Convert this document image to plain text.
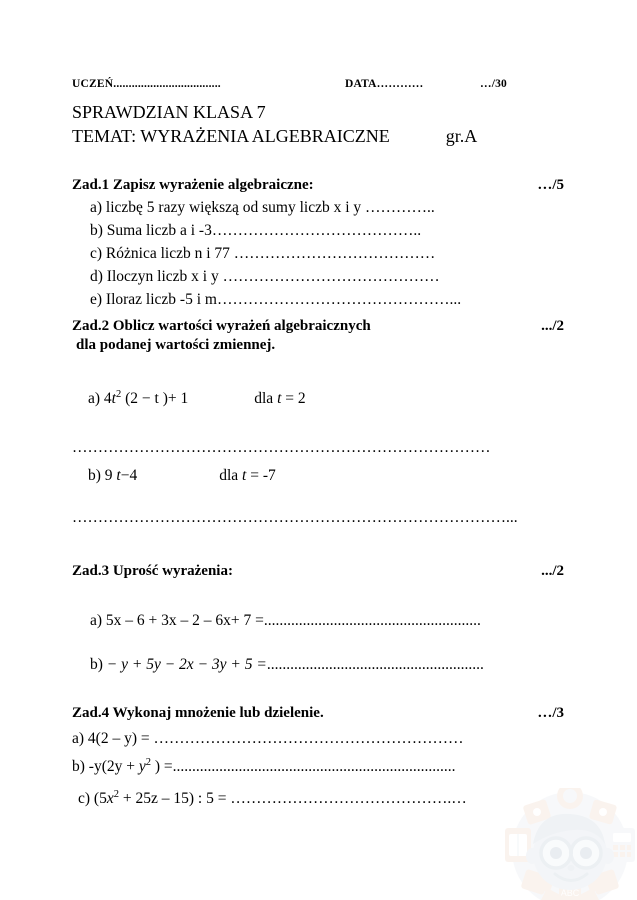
ABC
UCZEŃ...................................	DATA…………	…/30
SPRAWDZIAN KLASA 7
TEMAT: WYRAŻENIA ALGEBRAICZNE	gr.A
Zad.1 Zapisz wyrażenie algebraiczne:	…/5
a) liczbę 5 razy większą od sumy liczb x i y …………..
b) Suma liczb a i -3…………………………………..
c) Różnica liczb n i 77 …………………………………
d) Iloczyn liczb x i y ……………………………………
e) Iloraz liczb -5 i m………………………………………...
Zad.2 Oblicz wartości wyrażeń algebraicznych	.../2
dla podanej wartości zmiennej.
a) $4t^2$ (2 − t )+ 1	dla t = 2
………………………………………………………………………
b) 9 t−4	dla t = -7
…………………………………………………………………………...
Zad.3 Uprość wyrażenia:	.../2
a) 5x – 6 + 3x – 2 – 6x+ 7 =........................................................
b) − y + 5y − 2x − 3y + 5 =........................................................
Zad.4 Wykonaj mnożenie lub dzielenie.	…/3
a) 4(2 – y) = ……………………………………………………
b) $-y(2y + y^2$ ) =.........................................................................
c) $(5x^2 + 25z - 15)$ : 5 = …………………………………….…
